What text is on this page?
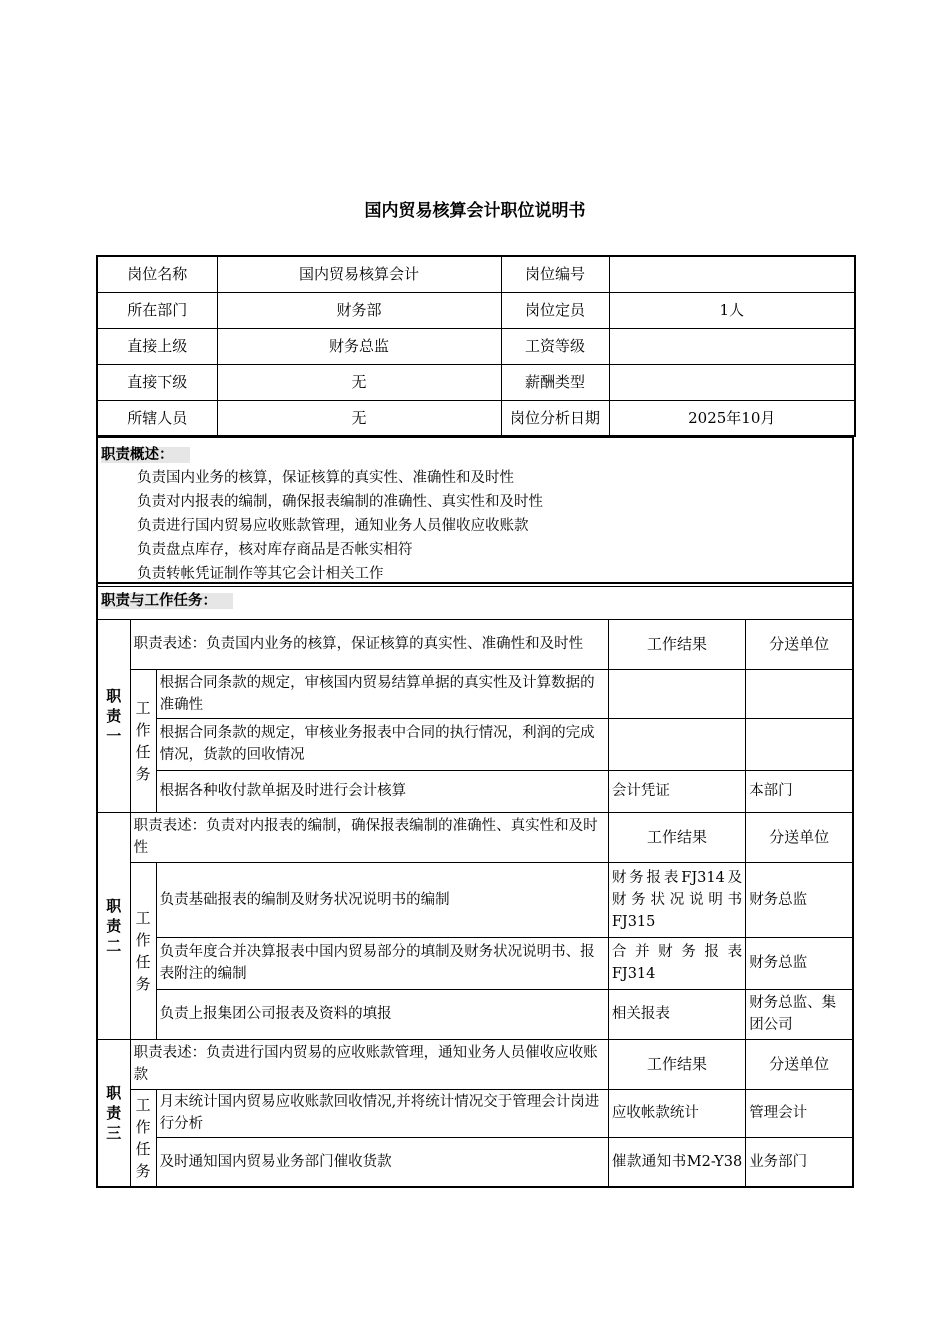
国内贸易核算会计职位说明书
岗位名称	国内贸易核算会计	岗位编号	
所在部门	财务部	岗位定员	1人
直接上级	财务总监	工资等级	
直接下级	无	薪酬类型	
所辖人员	无	岗位分析日期	2025年10月
职责概述：
负责国内业务的核算，保证核算的真实性、准确性和及时性
负责对内报表的编制，确保报表编制的准确性、真实性和及时性
负责进行国内贸易应收账款管理，通知业务人员催收应收账款
负责盘点库存，核对库存商品是否帐实相符
负责转帐凭证制作等其它会计相关工作
职责与工作任务：				
职责一	职责表述：负责国内业务的核算，保证核算的真实性、准确性和及时性		工作结果	分送单位
	工作任务	根据合同条款的规定，审核国内贸易结算单据的真实性及计算数据的准确性		
		根据合同条款的规定，审核业务报表中合同的执行情况，利润的完成情况，货款的回收情况		
		根据各种收付款单据及时进行会计核算	会计凭证	本部门
职责二	职责表述：负责对内报表的编制，确保报表编制的准确性、真实性和及时性		工作结果	分送单位
	工作任务	负责基础报表的编制及财务状况说明书的编制	财务报表FJ314及财务状况说明书FJ315	财务总监
		负责年度合并决算报表中国内贸易部分的填制及财务状况说明书、报表附注的编制	合并财务报表FJ314	财务总监
		负责上报集团公司报表及资料的填报	相关报表	财务总监、集团公司
职责三	职责表述：负责进行国内贸易的应收账款管理，通知业务人员催收应收账款		工作结果	分送单位
	工作任务	月末统计国内贸易应收账款回收情况,并将统计情况交于管理会计岗进行分析	应收帐款统计	管理会计
		及时通知国内贸易业务部门催收货款	催款通知书M2-Y38	业务部门
